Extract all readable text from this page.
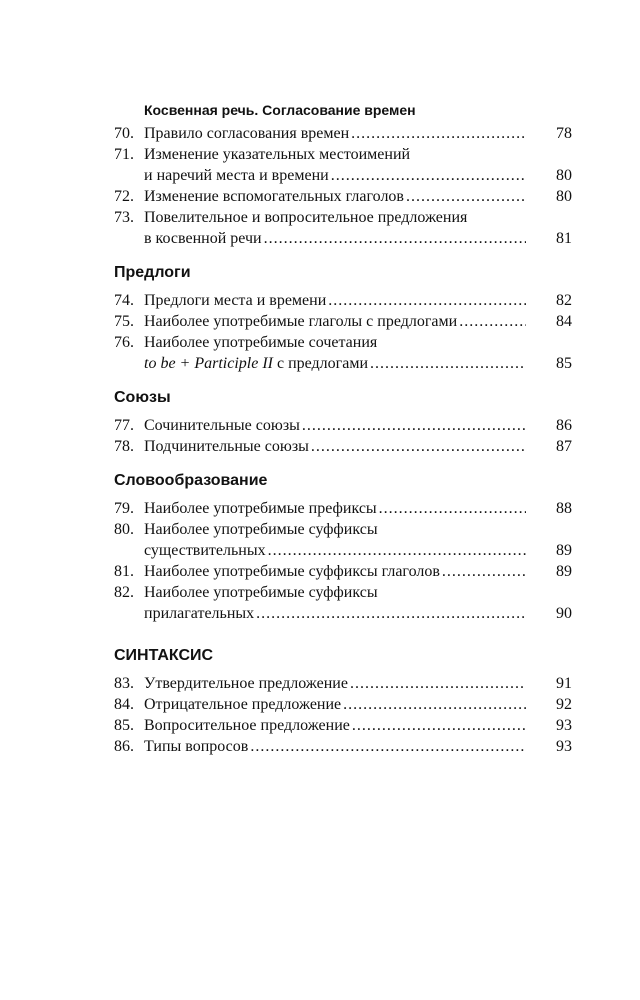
Косвенная речь. Согласование времен
70. Правило согласования времен .....	78
71. Изменение указательных местоимений
и наречий места и времени .....	80
72. Изменение вспомогательных глаголов .....	80
73. Повелительное и вопросительное предложения
в косвенной речи .....	81
Предлоги
74. Предлоги места и времени .....	82
75. Наиболее употребимые глаголы с предлогами .....	84
76. Наиболее употребимые сочетания
to be + Participle II с предлогами .....	85
Союзы
77. Сочинительные союзы .....	86
78. Подчинительные союзы .....	87
Словообразование
79. Наиболее употребимые префиксы .....	88
80. Наиболее употребимые суффиксы
существительных .....	89
81. Наиболее употребимые суффиксы глаголов .....	89
82. Наиболее употребимые суффиксы
прилагательных .....	90
СИНТАКСИС
83. Утвердительное предложение .....	91
84. Отрицательное предложение .....	92
85. Вопросительное предложение .....	93
86. Типы вопросов .....	93
